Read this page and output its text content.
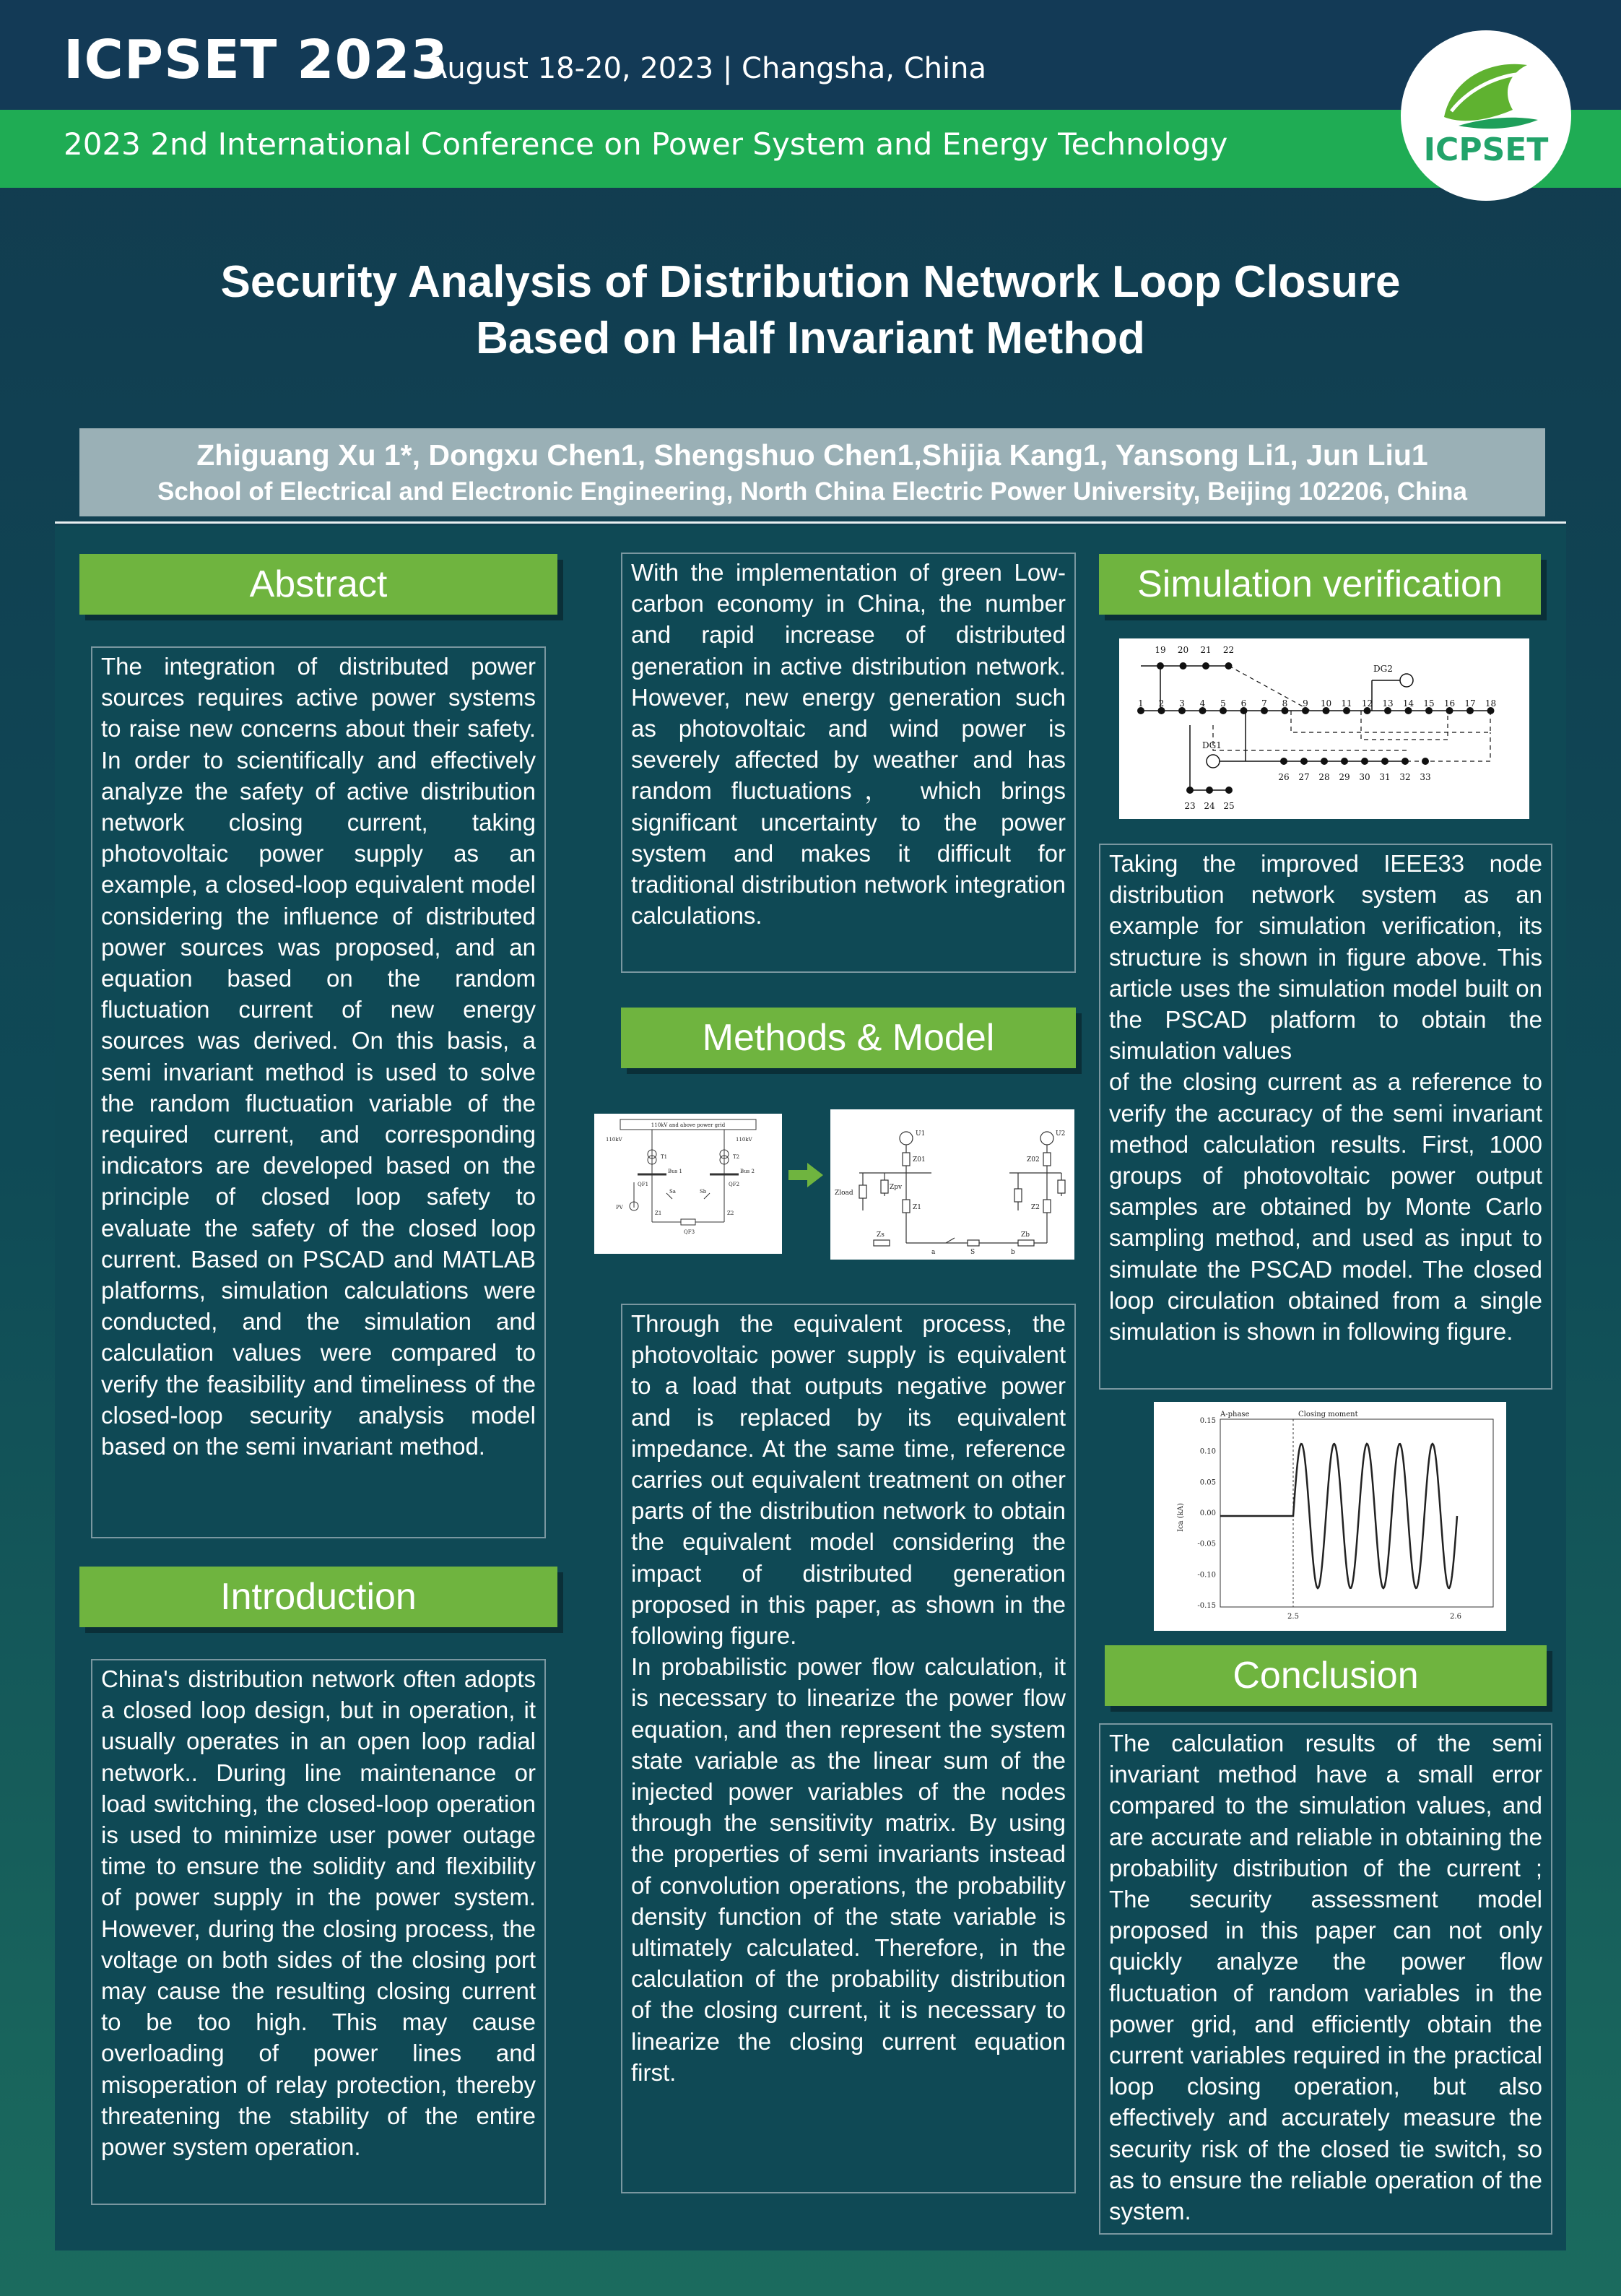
ICPSET 2023
August 18-20, 2023 | Changsha, China
2023 2nd International Conference on Power System and Energy Technology	ICPSET
Security Analysis of Distribution Network Loop Closure
Based on Half Invariant Method
Zhiguang Xu 1*, Dongxu Chen1, Shengshuo Chen1,Shijia Kang1, Yansong Li1, Jun Liu1
School of Electrical and Electronic Engineering, North China Electric Power University, Beijing 102206, China
Abstract

The integration of distributed power sources requires active power systems to raise new concerns about their safety. In order to scientifically and effectively analyze the safety of active distribution network closing current, taking photovoltaic power supply as an example, a closed-loop equivalent model considering the influence of distributed power sources was proposed, and an equation based on the random fluctuation current of new energy sources was derived. On this basis, a semi invariant method is used to solve the random fluctuation variable of the required current, and corresponding indicators are developed based on the principle of closed loop safety to evaluate the safety of the closed loop current. Based on PSCAD and MATLAB platforms, simulation calculations were conducted, and the simulation and calculation values were compared to verify the feasibility and timeliness of the closed-loop security analysis model based on the semi invariant method.

Introduction

China's distribution network often adopts a closed loop design, but in operation, it usually operates in an open loop radial network.. During line maintenance or load switching, the closed-loop operation is used to minimize user power outage time to ensure the solidity and flexibility of power supply in the power system. However, during the closing process, the voltage on both sides of the closing port may cause the resulting closing current to be too high. This may cause overloading of power lines and misoperation of relay protection, thereby threatening the stability of the entire power system operation.

With the implementation of green Low-carbon economy in China, the number and rapid increase of distributed generation in active distribution network. However, new energy generation such as photovoltaic and wind power is severely affected by weather and has random fluctuations， which brings significant uncertainty to the power system and makes it difficult for traditional distribution network integration calculations.

Methods & Model
110kV and above power grid
110kV	110kV
T1	T2
Bus 1	Bus 2
QF1	QF2
QF3
Sa	Sb
Z1	Z2
PV
U1	U2
Z01	Z02
Z1	Z2
Zload
Zpv
Zs	Zb
a	S	b

Through the equivalent process, the photovoltaic power supply is equivalent to a load that outputs negative power and is replaced by its equivalent impedance. At the same time, reference carries out equivalent treatment on other parts of the distribution network to obtain the equivalent model considering the impact of distributed generation proposed in this paper, as shown in the following figure.

In probabilistic power flow calculation, it is necessary to linearize the power flow equation, and then represent the system state variable as the linear sum of the injected power variables of the nodes through the sensitivity matrix. By using the properties of semi invariants instead of convolution operations, the probability density function of the state variable is ultimately calculated. Therefore, in the calculation of the probability distribution of the closing current, it is necessary to linearize the closing current equation first.

Simulation verification
1 2 3 4 5 6 7 8 9 10 11 12 13 14 15 16 17 18
19 20 21 22
26 27 28 29 30 31 32 33
23 24 25
DG2
DG1

Taking the improved IEEE33 node distribution network system as an example for simulation verification, its structure is shown in figure above. This article uses the simulation model built on the PSCAD platform to obtain the simulation values

of the closing current as a reference to verify the accuracy of the semi invariant method calculation results. First, 1000 groups of photovoltaic power output samples are obtained by Monte Carlo sampling method, and used as input to simulate the PSCAD model. The closed loop circulation obtained from a single simulation is shown in following figure.

A-phase	Closing moment
Ica (kA)
0.15
0.10
0.05
0.00
-0.05
-0.10
-0.15
2.5	2.6
Conclusion

The calculation results of the semi invariant method have a small error compared to the simulation values, and are accurate and reliable in obtaining the probability distribution of the current ; The security assessment model proposed in this paper can not only quickly analyze the power flow fluctuation of random variables in the power grid, and efficiently obtain the current variables required in the practical loop closing operation, but also effectively and accurately measure the security risk of the closed tie switch, so as to ensure the reliable operation of the system.
